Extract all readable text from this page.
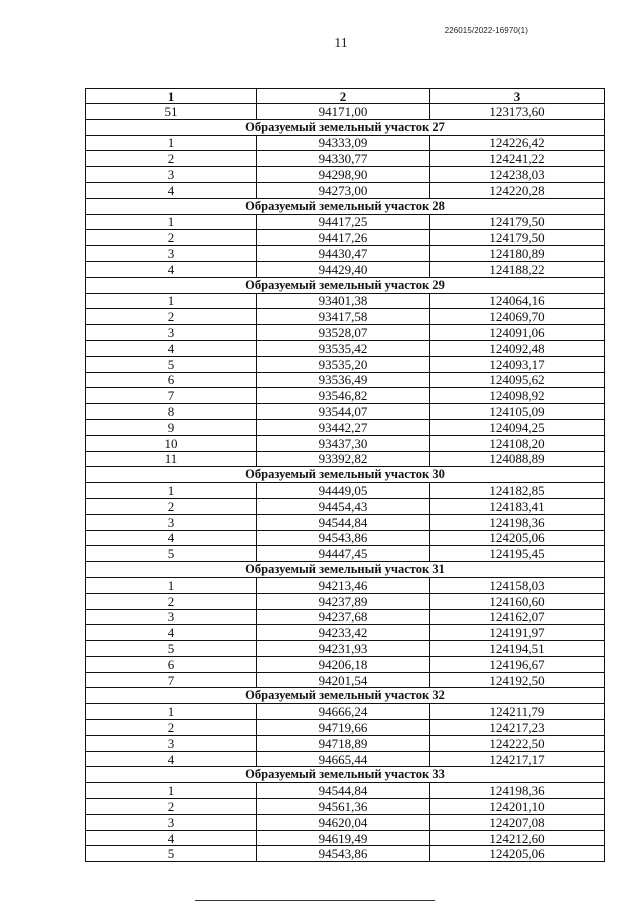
226015/2022-16970(1)
11
1	2	3
51	94171,00	123173,60
Образуемый земельный участок 27		
1	94333,09	124226,42
2	94330,77	124241,22
3	94298,90	124238,03
4	94273,00	124220,28
Образуемый земельный участок 28		
1	94417,25	124179,50
2	94417,26	124179,50
3	94430,47	124180,89
4	94429,40	124188,22
Образуемый земельный участок 29		
1	93401,38	124064,16
2	93417,58	124069,70
3	93528,07	124091,06
4	93535,42	124092,48
5	93535,20	124093,17
6	93536,49	124095,62
7	93546,82	124098,92
8	93544,07	124105,09
9	93442,27	124094,25
10	93437,30	124108,20
11	93392,82	124088,89
Образуемый земельный участок 30		
1	94449,05	124182,85
2	94454,43	124183,41
3	94544,84	124198,36
4	94543,86	124205,06
5	94447,45	124195,45
Образуемый земельный участок 31		
1	94213,46	124158,03
2	94237,89	124160,60
3	94237,68	124162,07
4	94233,42	124191,97
5	94231,93	124194,51
6	94206,18	124196,67
7	94201,54	124192,50
Образуемый земельный участок 32		
1	94666,24	124211,79
2	94719,66	124217,23
3	94718,89	124222,50
4	94665,44	124217,17
Образуемый земельный участок 33		
1	94544,84	124198,36
2	94561,36	124201,10
3	94620,04	124207,08
4	94619,49	124212,60
5	94543,86	124205,06
